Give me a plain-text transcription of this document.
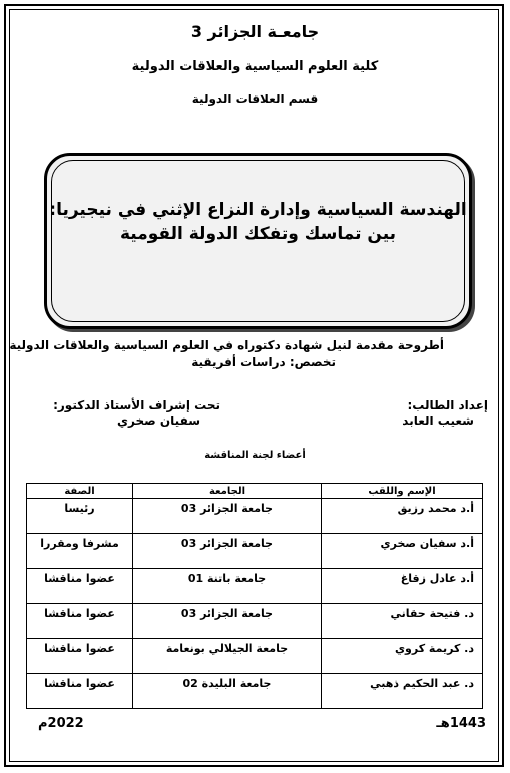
جامعـة الجزائر 3
كلية العلوم السياسية والعلاقات الدولية
قسم العلاقات الدولية
الهندسة السياسية وإدارة النزاع الإثني في نيجيريا:
بين تماسك وتفكك الدولة القومية
أطروحة مقدمة لنيل شهادة دكتوراه في العلوم السياسية والعلاقات الدولية
تخصص: دراسات أفريقية
إعداد الطالب:
شعيب العابد
تحت إشراف الأستاذ الدكتور:
سفيان صخري
أعضاء لجنة المناقشة
الإسم واللقب	الجامعة	الصفة
أ.د محمد رزيق	جامعة الجزائر 03	رئيسا
أ.د سفيان صخري	جامعة الجزائر 03	مشرفا ومقررا
أ.د عادل زقاغ	جامعة باتنة 01	عضوا مناقشا
د. فتيحة حقاني	جامعة الجزائر 03	عضوا مناقشا
د. كريمة كروي	جامعة الجيلالي بونعامة	عضوا مناقشا
د. عبد الحكيم ذهبي	جامعة البليدة 02	عضوا مناقشا
1443هـ
2022م
